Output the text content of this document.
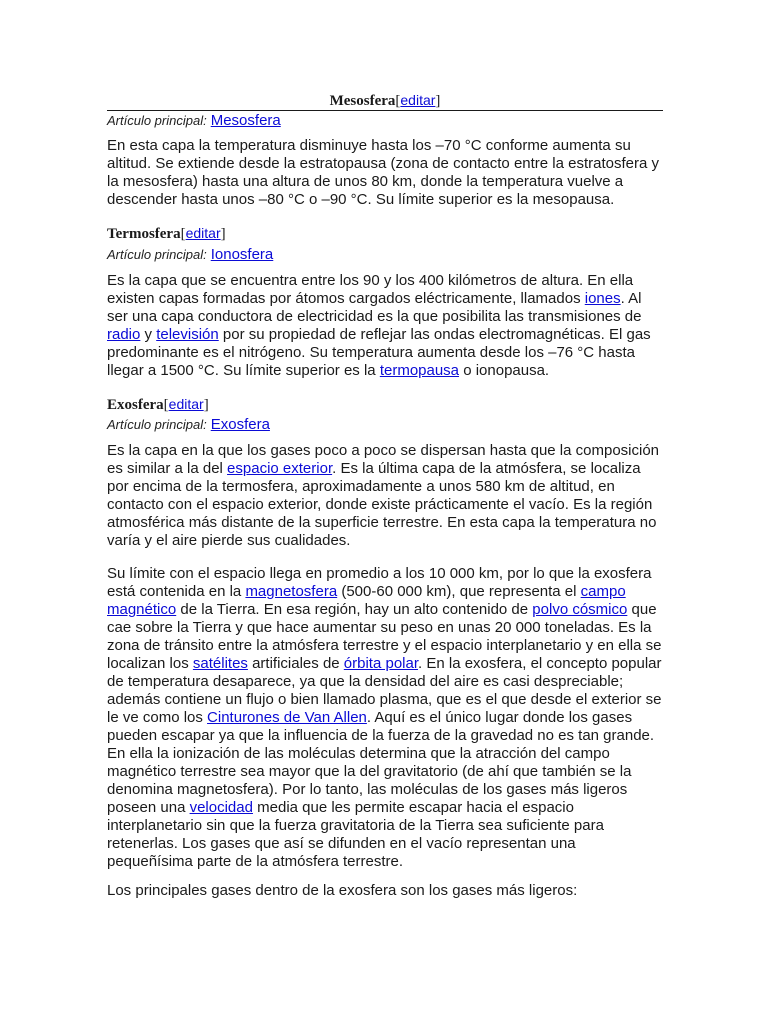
Mesosfera[editar]
Artículo principal: Mesosfera

En esta capa la temperatura disminuye hasta los –70 °C conforme aumenta su altitud. Se extiende desde la estratopausa (zona de contacto entre la estratosfera y la mesosfera) hasta una altura de unos 80 km, donde la temperatura vuelve a descender hasta unos –80 °C o –90 °C. Su límite superior es la mesopausa.

Termosfera[editar]
Artículo principal: Ionosfera

Es la capa que se encuentra entre los 90 y los 400 kilómetros de altura. En ella existen capas formadas por átomos cargados eléctricamente, llamados iones. Al ser una capa conductora de electricidad es la que posibilita las transmisiones de radio y televisión por su propiedad de reflejar las ondas electromagnéticas. El gas predominante es el nitrógeno. Su temperatura aumenta desde los –76 °C hasta llegar a 1500 °C. Su límite superior es la termopausa o ionopausa.

Exosfera[editar]
Artículo principal: Exosfera

Es la capa en la que los gases poco a poco se dispersan hasta que la composición es similar a la del espacio exterior. Es la última capa de la atmósfera, se localiza por encima de la termosfera, aproximadamente a unos 580 km de altitud, en contacto con el espacio exterior, donde existe prácticamente el vacío. Es la región atmosférica más distante de la superficie terrestre. En esta capa la temperatura no varía y el aire pierde sus cualidades.

Su límite con el espacio llega en promedio a los 10 000 km, por lo que la exosfera está contenida en la magnetosfera (500-60 000 km), que representa el campo magnético de la Tierra. En esa región, hay un alto contenido de polvo cósmico que cae sobre la Tierra y que hace aumentar su peso en unas 20 000 toneladas. Es la zona de tránsito entre la atmósfera terrestre y el espacio interplanetario y en ella se localizan los satélites artificiales de órbita polar. En la exosfera, el concepto popular de temperatura desaparece, ya que la densidad del aire es casi despreciable; además contiene un flujo o bien llamado plasma, que es el que desde el exterior se le ve como los Cinturones de Van Allen. Aquí es el único lugar donde los gases pueden escapar ya que la influencia de la fuerza de la gravedad no es tan grande. En ella la ionización de las moléculas determina que la atracción del campo magnético terrestre sea mayor que la del gravitatorio (de ahí que también se la denomina magnetosfera). Por lo tanto, las moléculas de los gases más ligeros poseen una velocidad media que les permite escapar hacia el espacio interplanetario sin que la fuerza gravitatoria de la Tierra sea suficiente para retenerlas. Los gases que así se difunden en el vacío representan una pequeñísima parte de la atmósfera terrestre.

Los principales gases dentro de la exosfera son los gases más ligeros:
